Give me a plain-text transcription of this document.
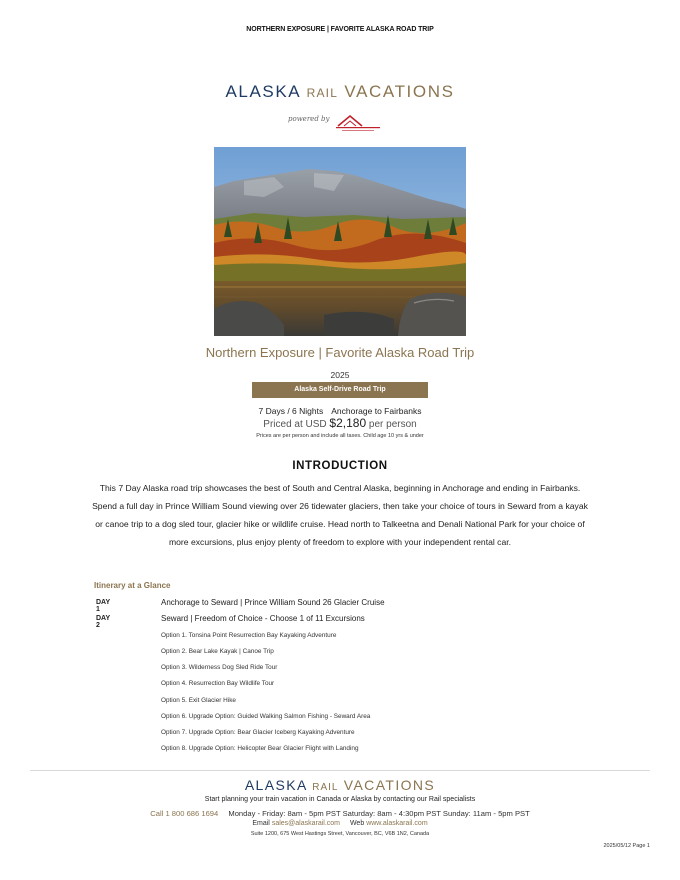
NORTHERN EXPOSURE | FAVORITE ALASKA ROAD TRIP
ALASKA RAIL VACATIONS
powered by
Northern Exposure | Favorite Alaska Road Trip
2025
Alaska Self-Drive Road Trip
7 Days / 6 Nights Anchorage to Fairbanks
Priced at USD $2,180 per person
Prices are per person and include all taxes. Child age 10 yrs & under
INTRODUCTION
This 7 Day Alaska road trip showcases the best of South and Central Alaska, beginning in Anchorage and ending in Fairbanks. Spend a full day in Prince William Sound viewing over 26 tidewater glaciers, then take your choice of tours in Seward from a kayak or canoe trip to a dog sled tour, glacier hike or wildlife cruise. Head north to Talkeetna and Denali National Park for your choice of more excursions, plus enjoy plenty of freedom to explore with your independent rental car.
Itinerary at a Glance
DAY 1
Anchorage to Seward | Prince William Sound 26 Glacier Cruise
DAY 2
Seward | Freedom of Choice - Choose 1 of 11 Excursions
Option 1. Tonsina Point Resurrection Bay Kayaking Adventure
Option 2. Bear Lake Kayak | Canoe Trip
Option 3. Wilderness Dog Sled Ride Tour
Option 4. Resurrection Bay Wildlife Tour
Option 5. Exit Glacier Hike
Option 6. Upgrade Option: Guided Walking Salmon Fishing - Seward Area
Option 7. Upgrade Option: Bear Glacier Iceberg Kayaking Adventure
Option 8. Upgrade Option: Helicopter Bear Glacier Flight with Landing
ALASKA RAIL VACATIONS
Start planning your train vacation in Canada or Alaska by contacting our Rail specialists
Call 1 800 686 1694 Monday - Friday: 8am - 5pm PST Saturday: 8am - 4:30pm PST Sunday: 11am - 5pm PST
Email sales@alaskarail.com Web www.alaskarail.com
Suite 1200, 675 West Hastings Street, Vancouver, BC, V6B 1N2, Canada
2025/05/12 Page 1
